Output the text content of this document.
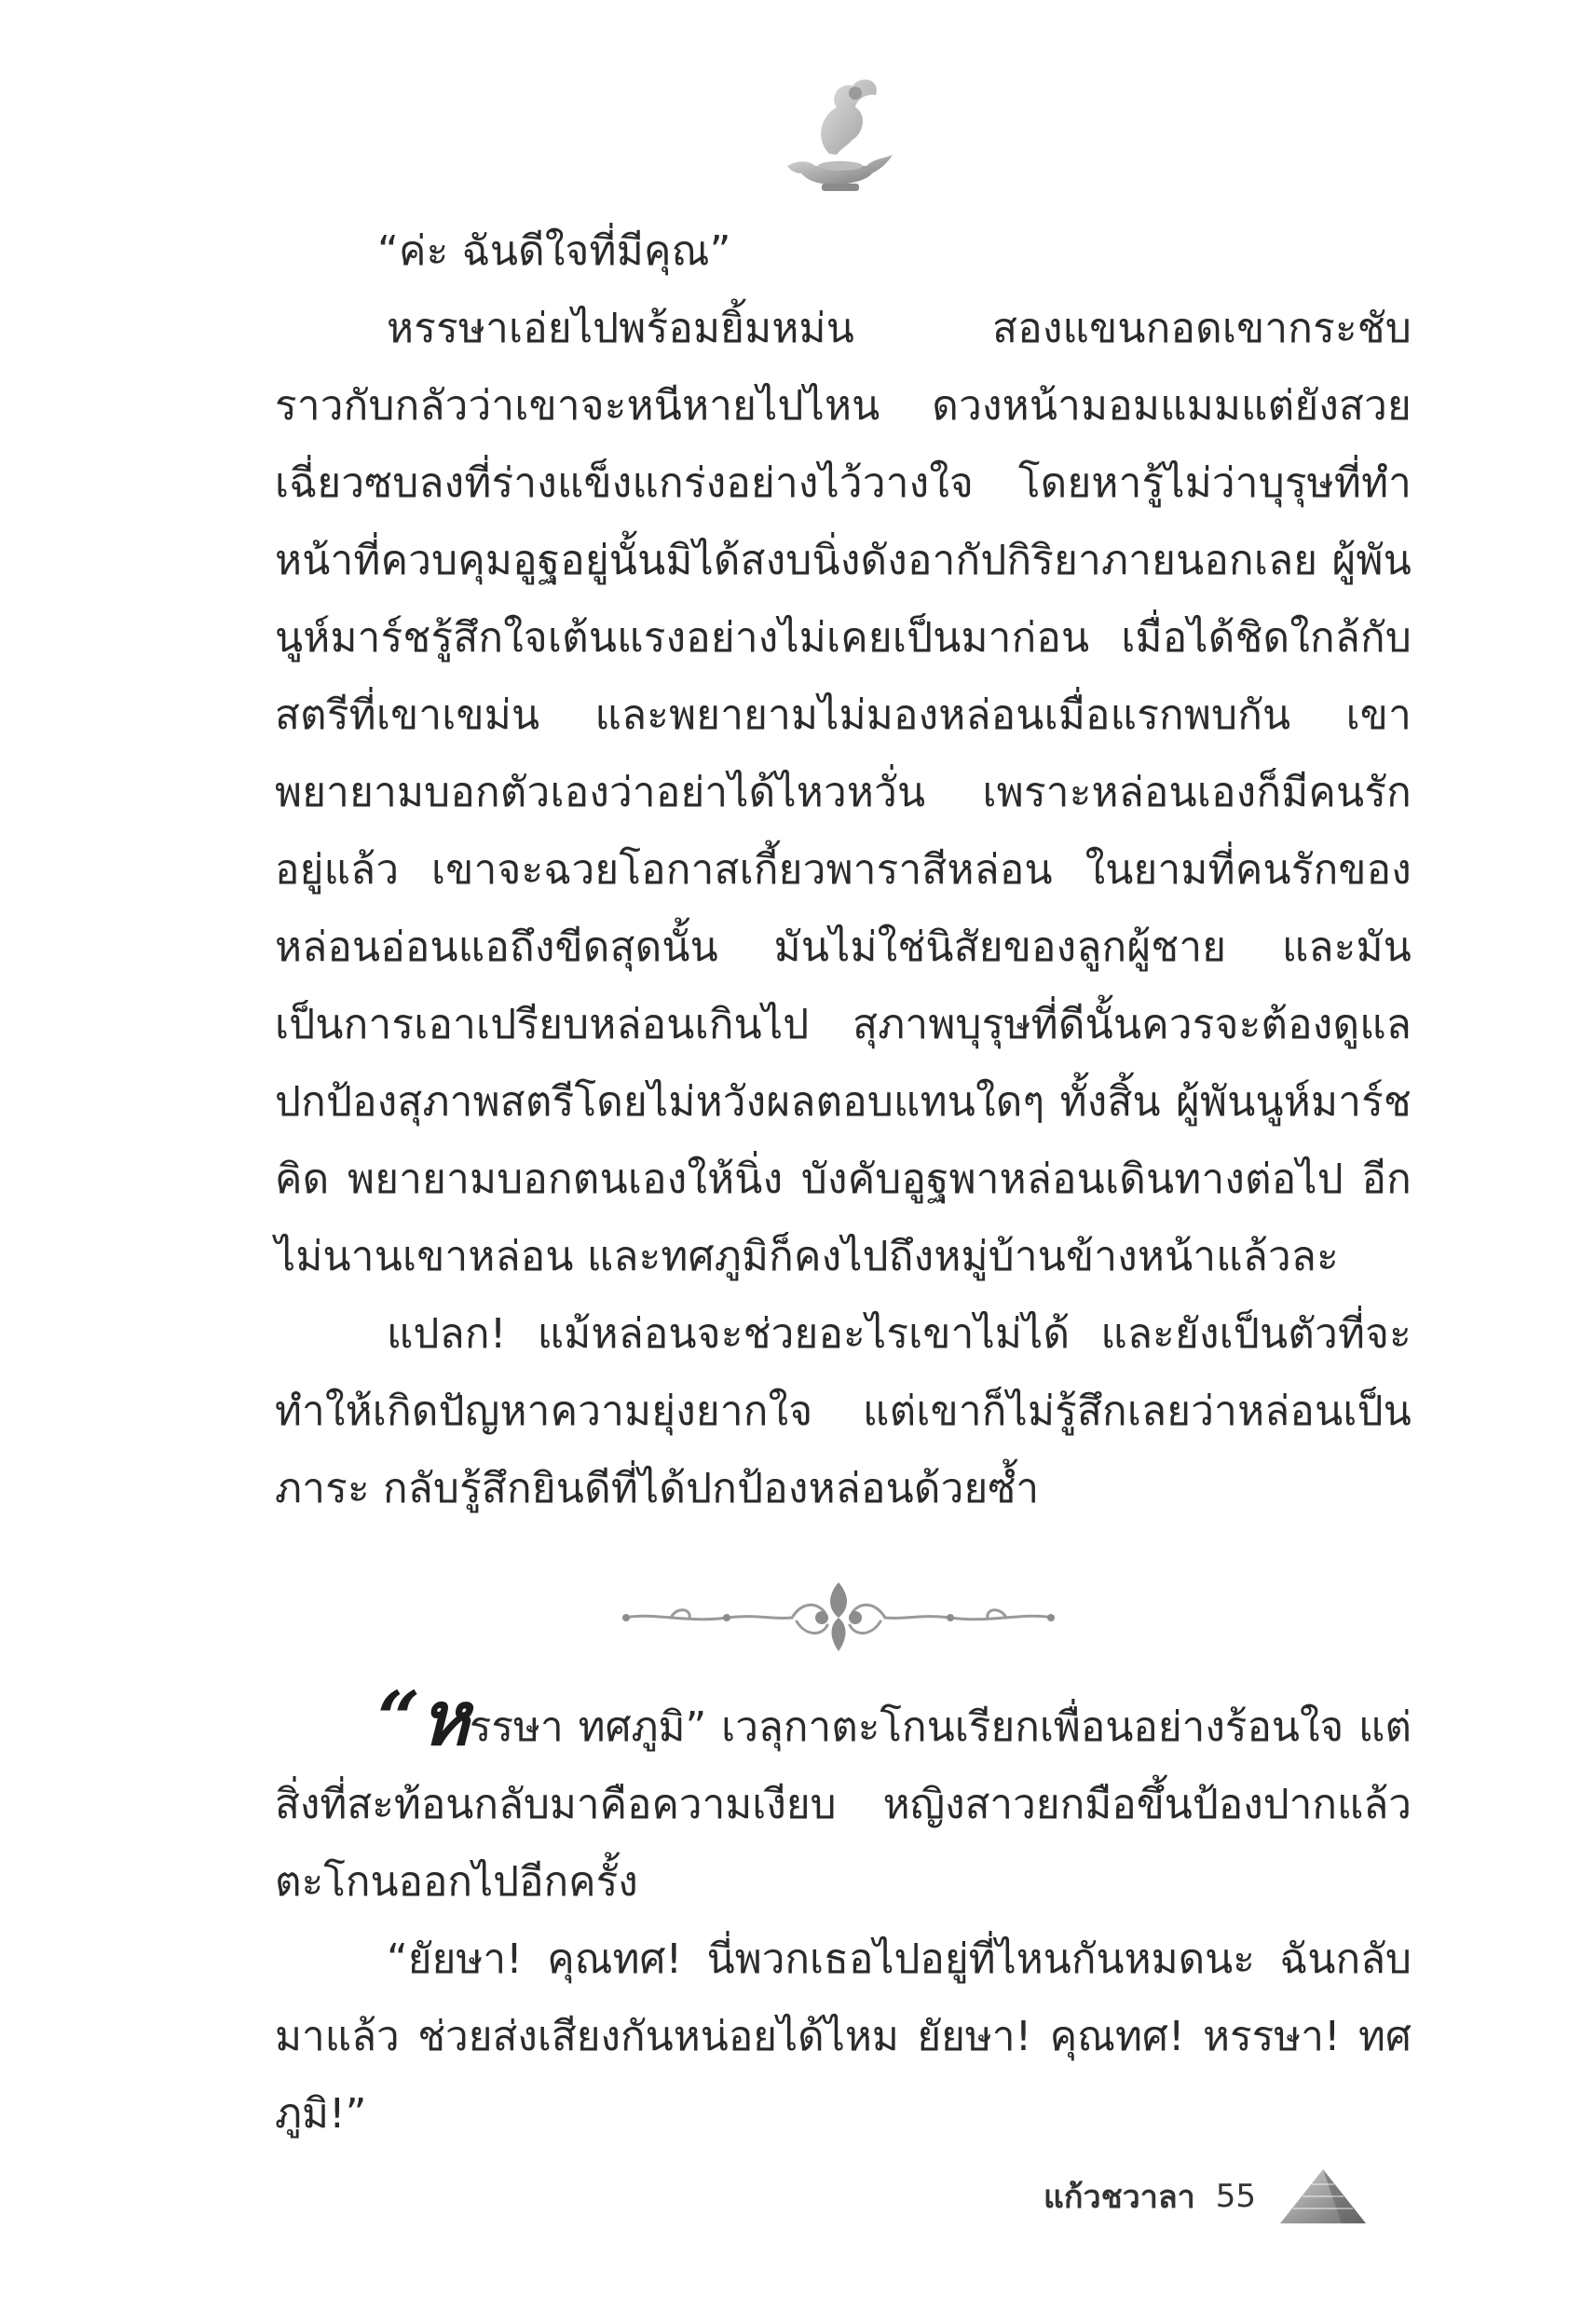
“ค่ะ ฉันดีใจที่มีคุณ”

หรรษาเอ่ยไปพร้อมยิ้มหม่น สองแขนกอดเขากระชับ ราวกับกลัวว่าเขาจะหนีหายไปไหน ดวงหน้ามอมแมมแต่ยังสวยเฉี่ยวซบลงที่ร่างแข็งแกร่งอย่างไว้วางใจ โดยหารู้ไม่ว่าบุรุษที่ทำหน้าที่ควบคุมอูฐอยู่นั้นมิได้สงบนิ่งดังอากัปกิริยาภายนอกเลย ผู้พันนูห์มาร์ชรู้สึกใจเต้นแรงอย่างไม่เคยเป็นมาก่อน เมื่อได้ชิดใกล้กับสตรีที่เขาเขม่น และพยายามไม่มองหล่อนเมื่อแรกพบกัน เขาพยายามบอกตัวเองว่าอย่าได้ไหวหวั่น เพราะหล่อนเองก็มีคนรักอยู่แล้ว เขาจะฉวยโอกาสเกี้ยวพาราสีหล่อน ในยามที่คนรักของหล่อนอ่อนแอถึงขีดสุดนั้น มันไม่ใช่นิสัยของลูกผู้ชาย และมันเป็นการเอาเปรียบหล่อนเกินไป สุภาพบุรุษที่ดีนั้นควรจะต้องดูแลปกป้องสุภาพสตรีโดยไม่หวังผลตอบแทนใดๆ ทั้งสิ้น ผู้พันนูห์มาร์ชคิด พยายามบอกตนเองให้นิ่ง บังคับอูฐพาหล่อนเดินทางต่อไป อีกไม่นานเขาหล่อน และทศภูมิก็คงไปถึงหมู่บ้านข้างหน้าแล้วละ

แปลก! แม้หล่อนจะช่วยอะไรเขาไม่ได้ และยังเป็นตัวที่จะทำให้เกิดปัญหาความยุ่งยากใจ แต่เขาก็ไม่รู้สึกเลยว่าหล่อนเป็นภาระ กลับรู้สึกยินดีที่ได้ปกป้องหล่อนด้วยซ้ำ

“หรรษา ทศภูมิ” เวลุกาตะโกนเรียกเพื่อนอย่างร้อนใจ แต่สิ่งที่สะท้อนกลับมาคือความเงียบ หญิงสาวยกมือขึ้นป้องปากแล้วตะโกนออกไปอีกครั้ง

“ยัยษา! คุณทศ! นี่พวกเธอไปอยู่ที่ไหนกันหมดนะ ฉันกลับมาแล้ว ช่วยส่งเสียงกันหน่อยได้ไหม ยัยษา! คุณทศ! หรรษา! ทศภูมิ!”

แก้วชวาลา 55
